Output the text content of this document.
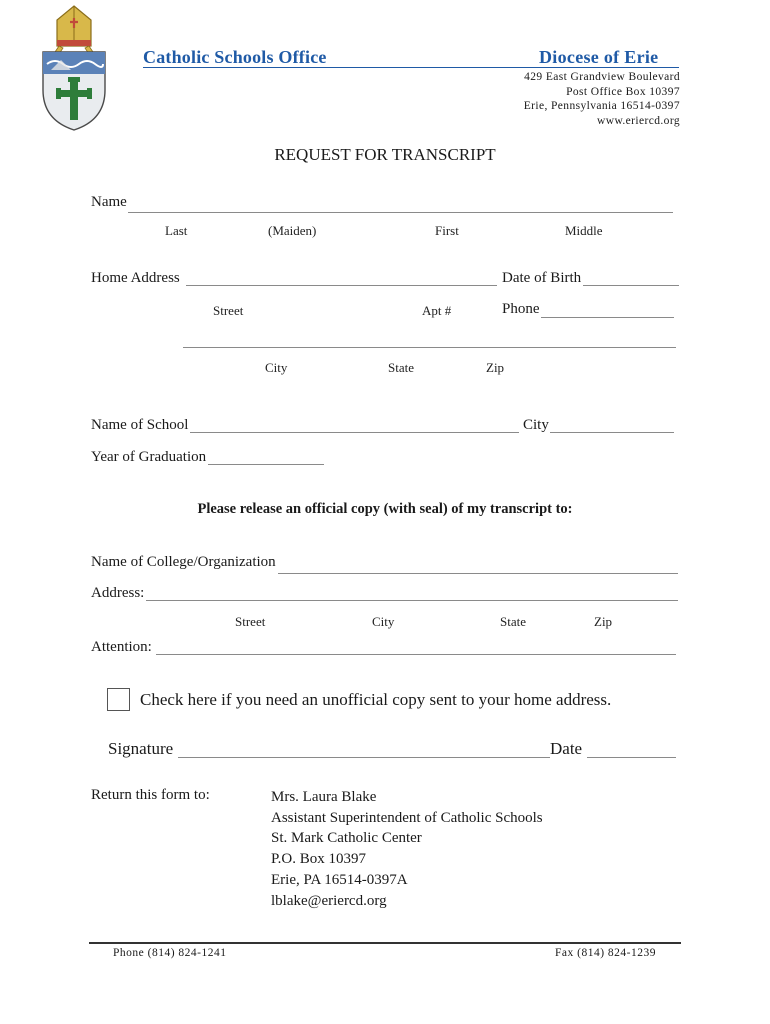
Catholic Schools Office	Diocese of Erie
429 East Grandview Boulevard
Post Office Box 10397
Erie, Pennsylvania 16514-0397
www.eriercd.org
REQUEST FOR TRANSCRIPT
Name
Last	(Maiden)	First	Middle
Home Address	Date of Birth
Street	Apt #	Phone
City	State	Zip
Name of School	City
Year of Graduation
Please release an official copy (with seal) of my transcript to:
Name of College/Organization
Address:
Street	City	State	Zip
Attention:
Check here if you need an unofficial copy sent to your home address.
Signature	Date
Return this form to:	Mrs. Laura Blake
Assistant Superintendent of Catholic Schools
St. Mark Catholic Center
P.O. Box 10397
Erie, PA 16514-0397A
lblake@eriercd.org
Phone (814) 824-1241	Fax (814) 824-1239
